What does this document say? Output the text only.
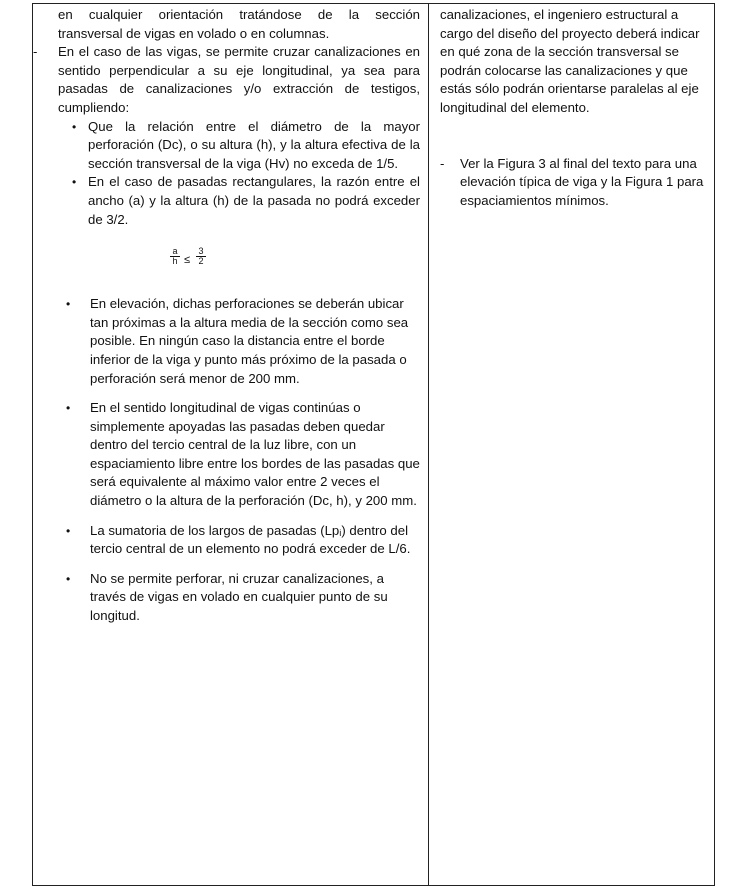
en cualquier orientación tratándose de la sección

transversal de vigas en volado o en columnas.

- En el caso de las vigas, se permite cruzar canalizaciones en sentido perpendicular a su eje longitudinal, ya sea para pasadas de canalizaciones y/o extracción de testigos, cumpliendo:

• Que la relación entre el diámetro de la mayor perforación (Dc), o su altura (h), y la altura efectiva de la sección transversal de la viga (Hv) no exceda de 1/5.

• En el caso de pasadas rectangulares, la razón entre el ancho (a) y la altura (h) de la pasada no podrá exceder de 3/2.

$\frac{a}{h} \le \frac{3}{2}$
• En elevación, dichas perforaciones se deberán ubicar tan próximas a la altura media de la sección como sea posible. En ningún caso la distancia entre el borde inferior de la viga y punto más próximo de la pasada o perforación será menor de 200 mm.

• En el sentido longitudinal de vigas continúas o simplemente apoyadas las pasadas deben quedar dentro del tercio central de la luz libre, con un espaciamiento libre entre los bordes de las pasadas que será equivalente al máximo valor entre 2 veces el diámetro o la altura de la perforación (Dc, h), y 200 mm.

• La sumatoria de los largos de pasadas (Lpᵢ) dentro del tercio central de un elemento no podrá exceder de L/6.

• No se permite perforar, ni cruzar canalizaciones, a través de vigas en volado en cualquier punto de su longitud.

canalizaciones, el ingeniero estructural a cargo del diseño del proyecto deberá indicar en qué zona de la sección transversal se podrán colocarse las canalizaciones y que estás sólo podrán orientarse paralelas al eje longitudinal del elemento.

- Ver la Figura 3 al final del texto para una elevación típica de viga y la Figura 1 para espaciamientos mínimos.
